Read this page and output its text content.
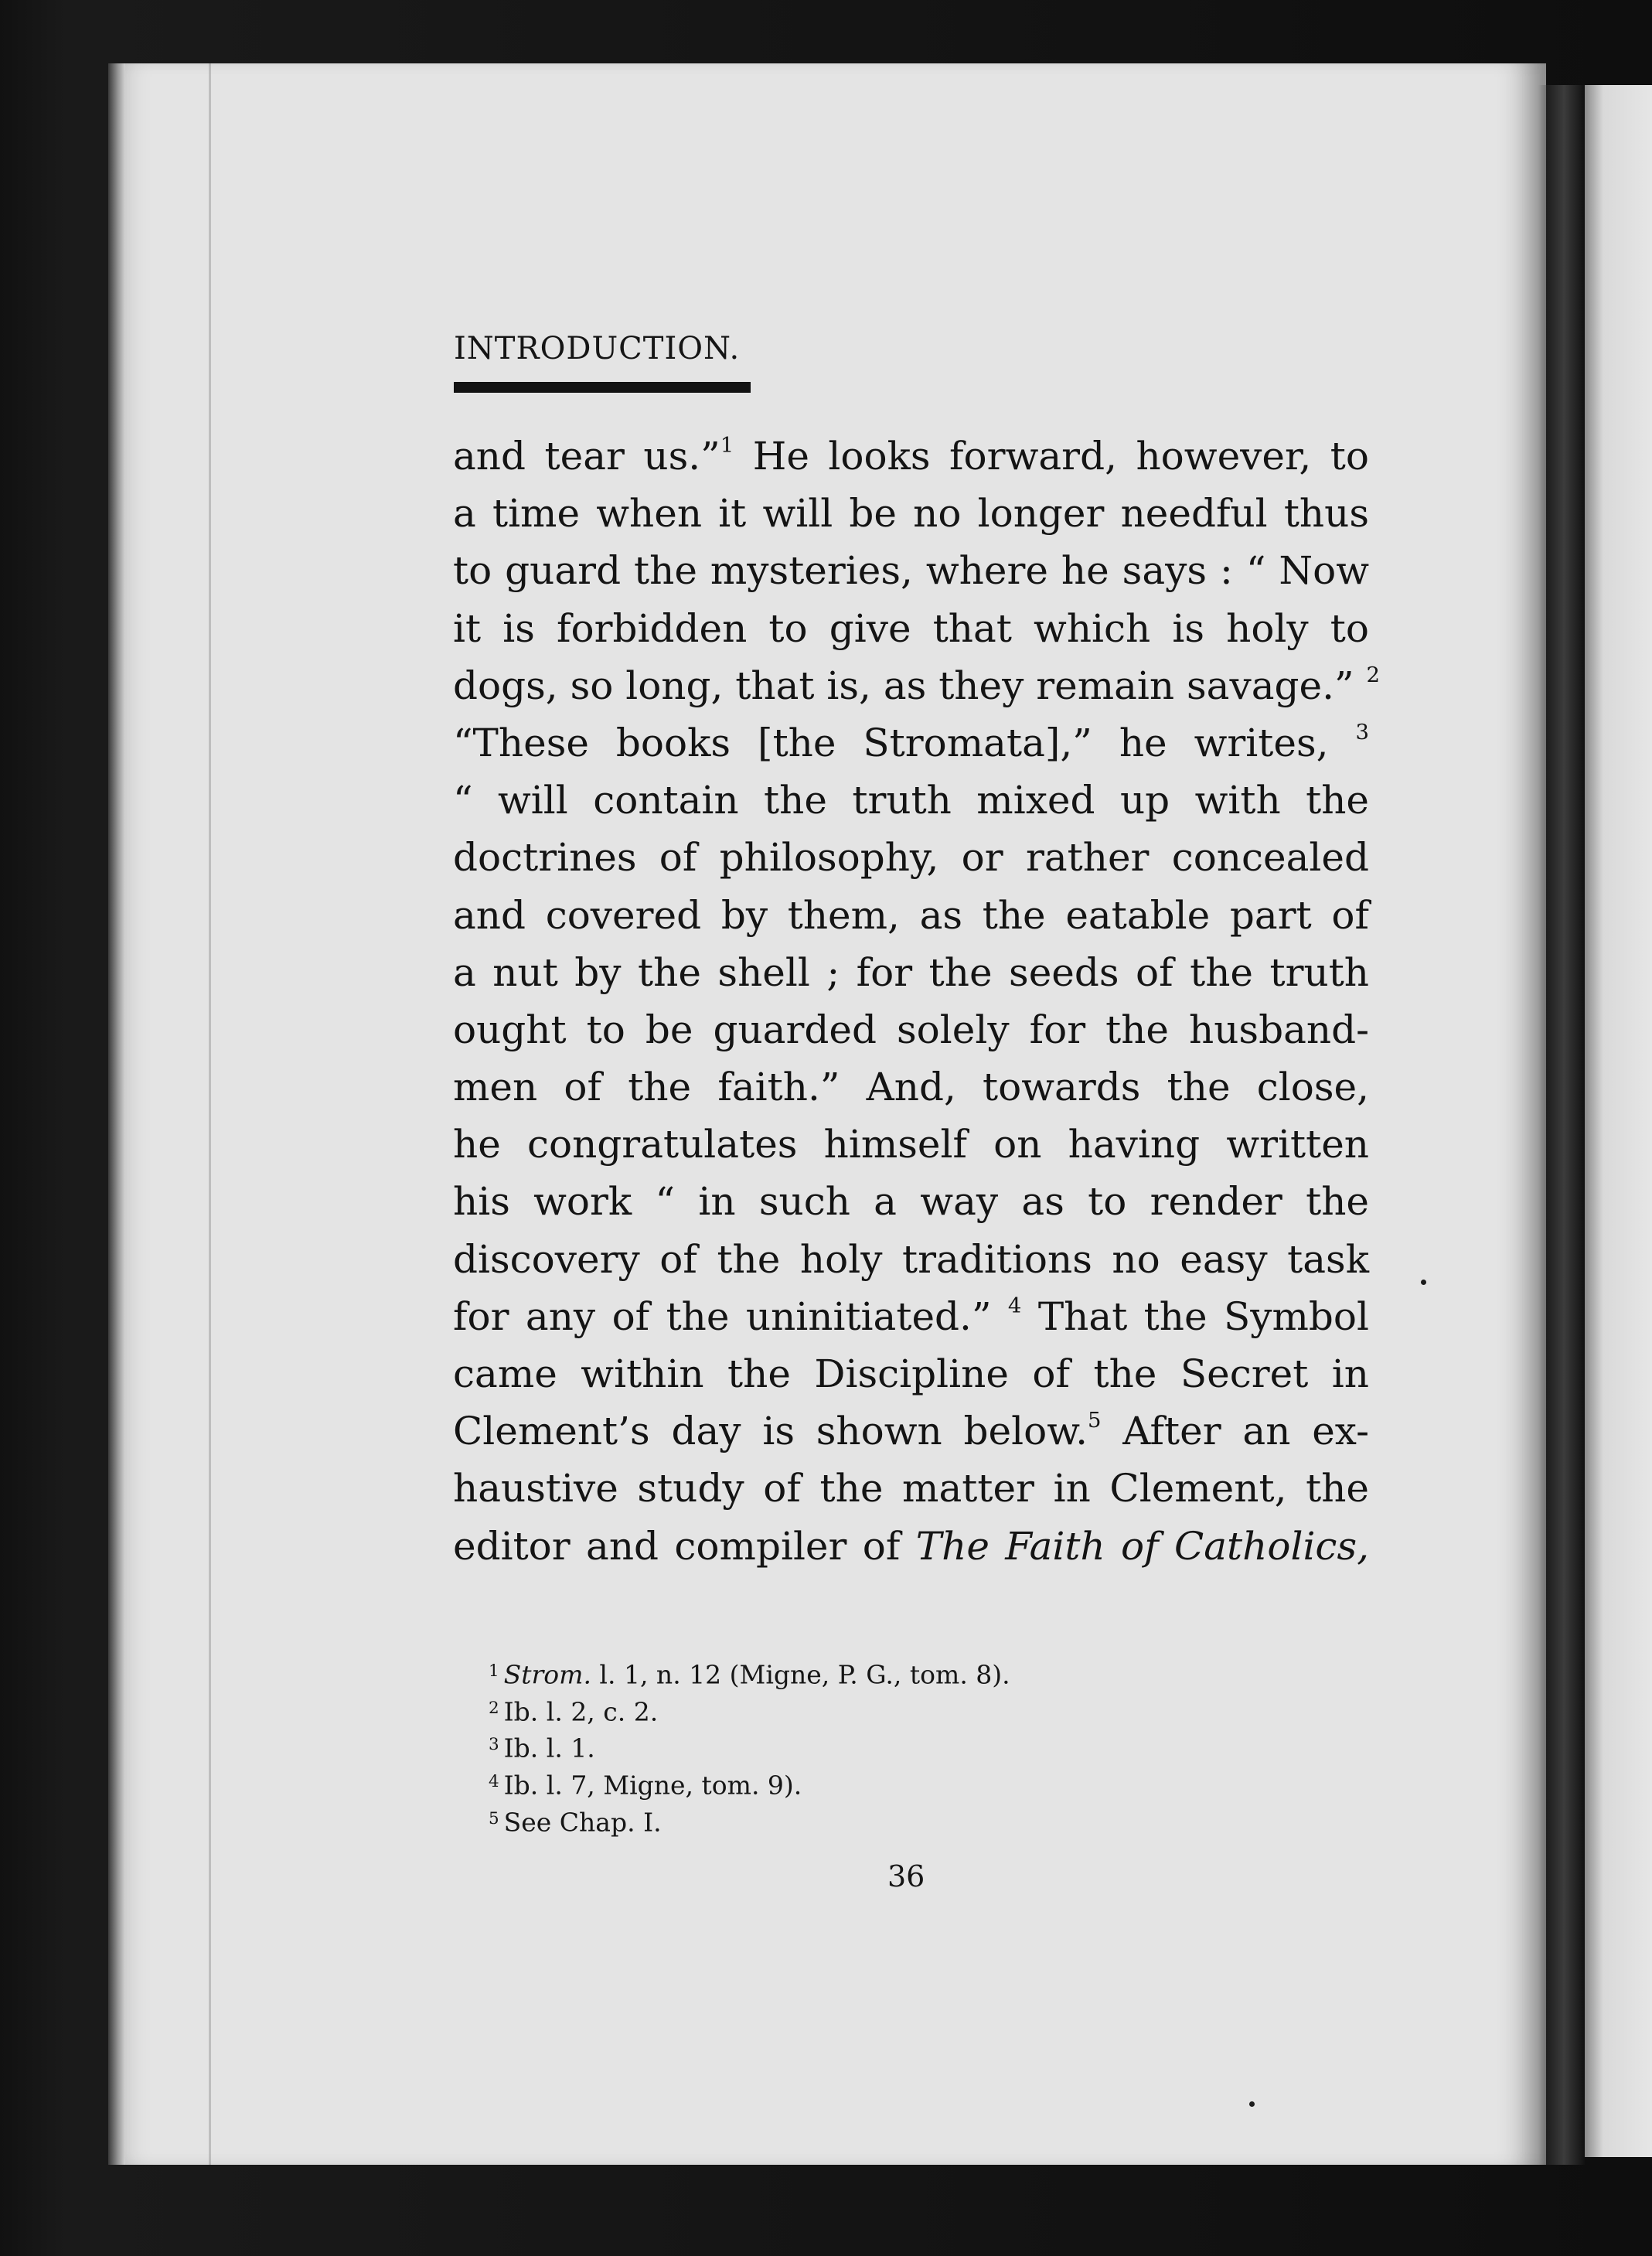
INTRODUCTION.
and tear us.”$^1$ He looks forward, however, to
a time when it will be no longer needful thus
to guard the mysteries, where he says : “ Now
it is forbidden to give that which is holy to
dogs, so long, that is, as they remain savage.” $^2$
“These books [the Stromata],” he writes, $^3$
“ will contain the truth mixed up with the
doctrines of philosophy, or rather concealed
and covered by them, as the eatable part of
a nut by the shell ; for the seeds of the truth
ought to be guarded solely for the husband-
men of the faith.” And, towards the close,
he congratulates himself on having written
his work “ in such a way as to render the
discovery of the holy traditions no easy task
for any of the uninitiated.” $^4$ That the Symbol
came within the Discipline of the Secret in
Clement’s day is shown below.$^5$ After an ex-
haustive study of the matter in Clement, the
editor and compiler of The Faith of Catholics,
$^1$ Strom. l. 1, n. 12 (Migne, P. G., tom. 8).
$^2$ Ib. l. 2, c. 2.
$^3$ Ib. l. 1.
$^4$ Ib. l. 7, Migne, tom. 9).
$^5$ See Chap. I.
36
